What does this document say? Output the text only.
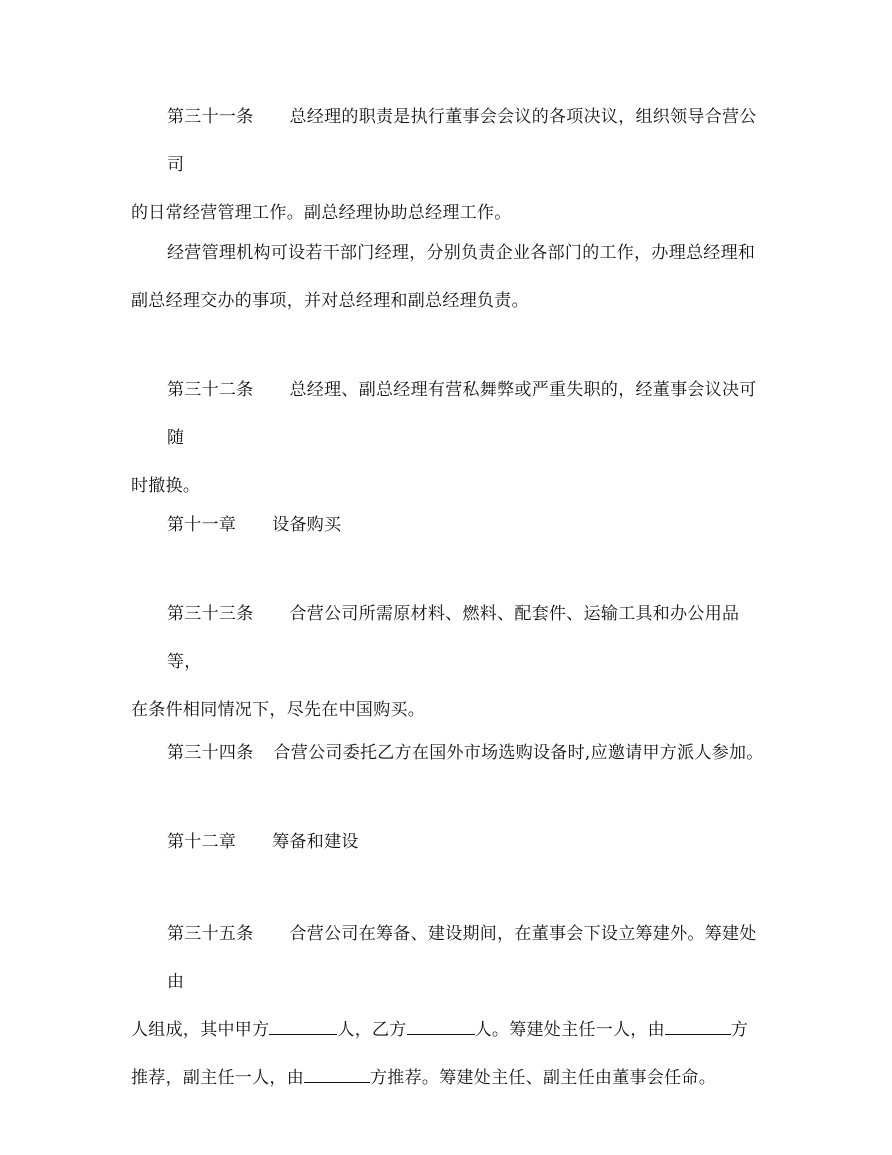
第三十一条 总经理的职责是执行董事会会议的各项决议，组织领导合营公司
的日常经营管理工作。副总经理协助总经理工作。

经营管理机构可设若干部门经理，分别负责企业各部门的工作，办理总经理和
副总经理交办的事项，并对总经理和副总经理负责。

第三十二条 总经理、副总经理有营私舞弊或严重失职的，经董事会议决可随
时撤换。

第十一章 设备购买

第三十三条 合营公司所需原材料、燃料、配套件、运输工具和办公用品等，
在条件相同情况下，尽先在中国购买。

第三十四条 合营公司委托乙方在国外市场选购设备时,应邀请甲方派人参加。

第十二章 筹备和建设

第三十五条 合营公司在筹备、建设期间，在董事会下设立筹建外。筹建处由
人组成，其中甲方	人，乙方	人。筹建处主任一人，由	方
推荐，副主任一人，由	方推荐。筹建处主任、副主任由董事会任命。
